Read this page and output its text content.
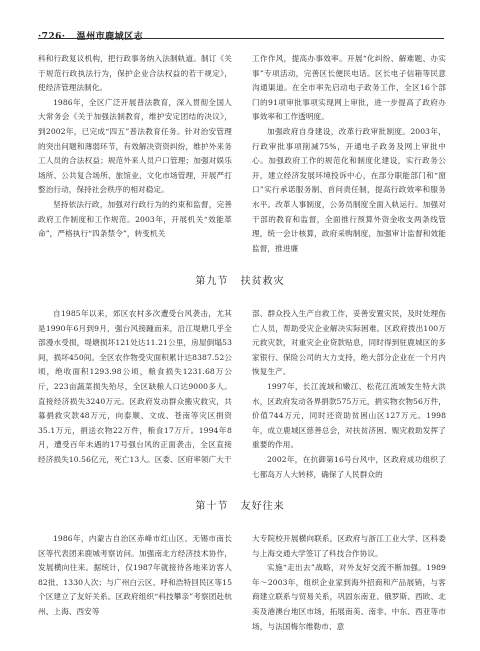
·726· 温州市鹿城区志

科和行政复议机构，把行政事务纳入法制轨道。制订《关于规范行政执法行为，保护企业合法权益的若干规定》，使经济管理法制化。

1986年，全区广泛开展普法教育，深入贯彻全国人大常务会《关于加强法制教育，维护安定团结的决议》，到2002年，已完成“四五”普法教育任务。针对治安管理的突出问题和薄弱环节，有效解决资资纠纷，维护外来务工人员的合法权益；规范外来人员户口管理；加强对娱乐场所、公共复合场所、旅馆业、文化市场管理，开展严打整治行动，保持社会秩序的相对稳定。

坚持依法行政，加强对行政行为的约束和监督，完善政府工作制度和工作规范。2003年，开展机关“效能革命”，严格执行“四条禁令”，转变机关

工作作风，提高办事效率。开展“化纠纷、解难题、办实事”专项活动，完善区长便民电话。区长电子信箱等民意沟通渠道。在全市率先启动电子政务工作，全区16个部门的91项审批事项实现网上审批，进一步提高了政府办事效率和工作透明度。

加强政府自身建设，改革行政审批制度。2003年，行政审批事项削减75%，开通电子政务及网上审批中心。加强政府工作的规范化和制度化建设，实行政务公开，建立经济发展环境投诉中心，在部分职能部门和“窗口”实行承诺服务制、首问责任制，提高行政效率和服务水平。改革人事制度，公务员制度全面入轨运行。加强对干部的教育和监督，全面推行预算外资金收支两条线管理，统一会计核算，政府采购制度，加强审计监督和效能监督，推进廉

第九节 扶贫救灾

自1985年以来，郊区农村多次遭受台风袭击，尤其是1990年6月到9月，强台风接踵而来，沿江堤塘几乎全部漫水受损，堤塘损坏121处达11.21公里，房屋倒塌53间，损坏450间。全区农作物受灾面积累计达8387.52公顷，绝收面积1293.98公顷，粮食损失1231.68万公斤，223亩蔬菜损失殆尽，全区缺粮人口达9000多人。直接经济损失3240万元。区政府发动群众搬灾救灾，共募捐救灾款48万元，向泰顺、文成、苍南等灾区捐资35.1万元，捐送衣物22万件，粮食17万斤。1994年8月，遭受百年未遇的17号强台风的正面袭击，全区直接经济损失10.56亿元，死亡13人。区委、区府率领广大干

部、群众投入生产自救工作，妥善安置灾民，及时处理伤亡人员，帮助受灾企业解决实际困难。区政府拨出100万元救灾款，对重灾企业贷款贴息，同时得到驻鹿城区的多家银行、保险公司的大力支持，绝大部分企业在一个月内恢复生产。

1997年，长江流域和嫩江、松花江流域发生特大洪水，区政府发动各界捐款575万元，捐实物衣物56万件，价值744万元，同时还资助贫困山区127万元。1998年，成立鹿城区慈善总会，对扶贫济困、赈灾救助发挥了重要的作用。

2002年，在抗御第16号台风中，区政府成功组织了七都岛万人大转移，确保了人民群众的

第十节 友好往来

1986年，内蒙古自治区赤峰市红山区、无锡市南长区等代表团来鹿城考察访问。加强南北方经济技术协作，发展横向往来。据统计，仅1987年就接待各地来访客人82批、1330人次；与广州白云区、呼和浩特回民区等15个区建立了友好关系。区政府组织“科技攀亲”考察团赴杭州、上海、西安等

大专院校开展横向联系，区政府与浙江工业大学、区科委与上海交通大学签订了科技合作协议。

实施“走出去”战略，对外友好交流不断加强。1989年～2003年，组织企业家到海外招商和产品展销，与客商建立联系与贸易关系，巩固东南亚、俄罗斯、西欧、北美及港澳台地区市场，拓展南美、南非、中东、西亚等市场，与法国梅尔维勒市、意
